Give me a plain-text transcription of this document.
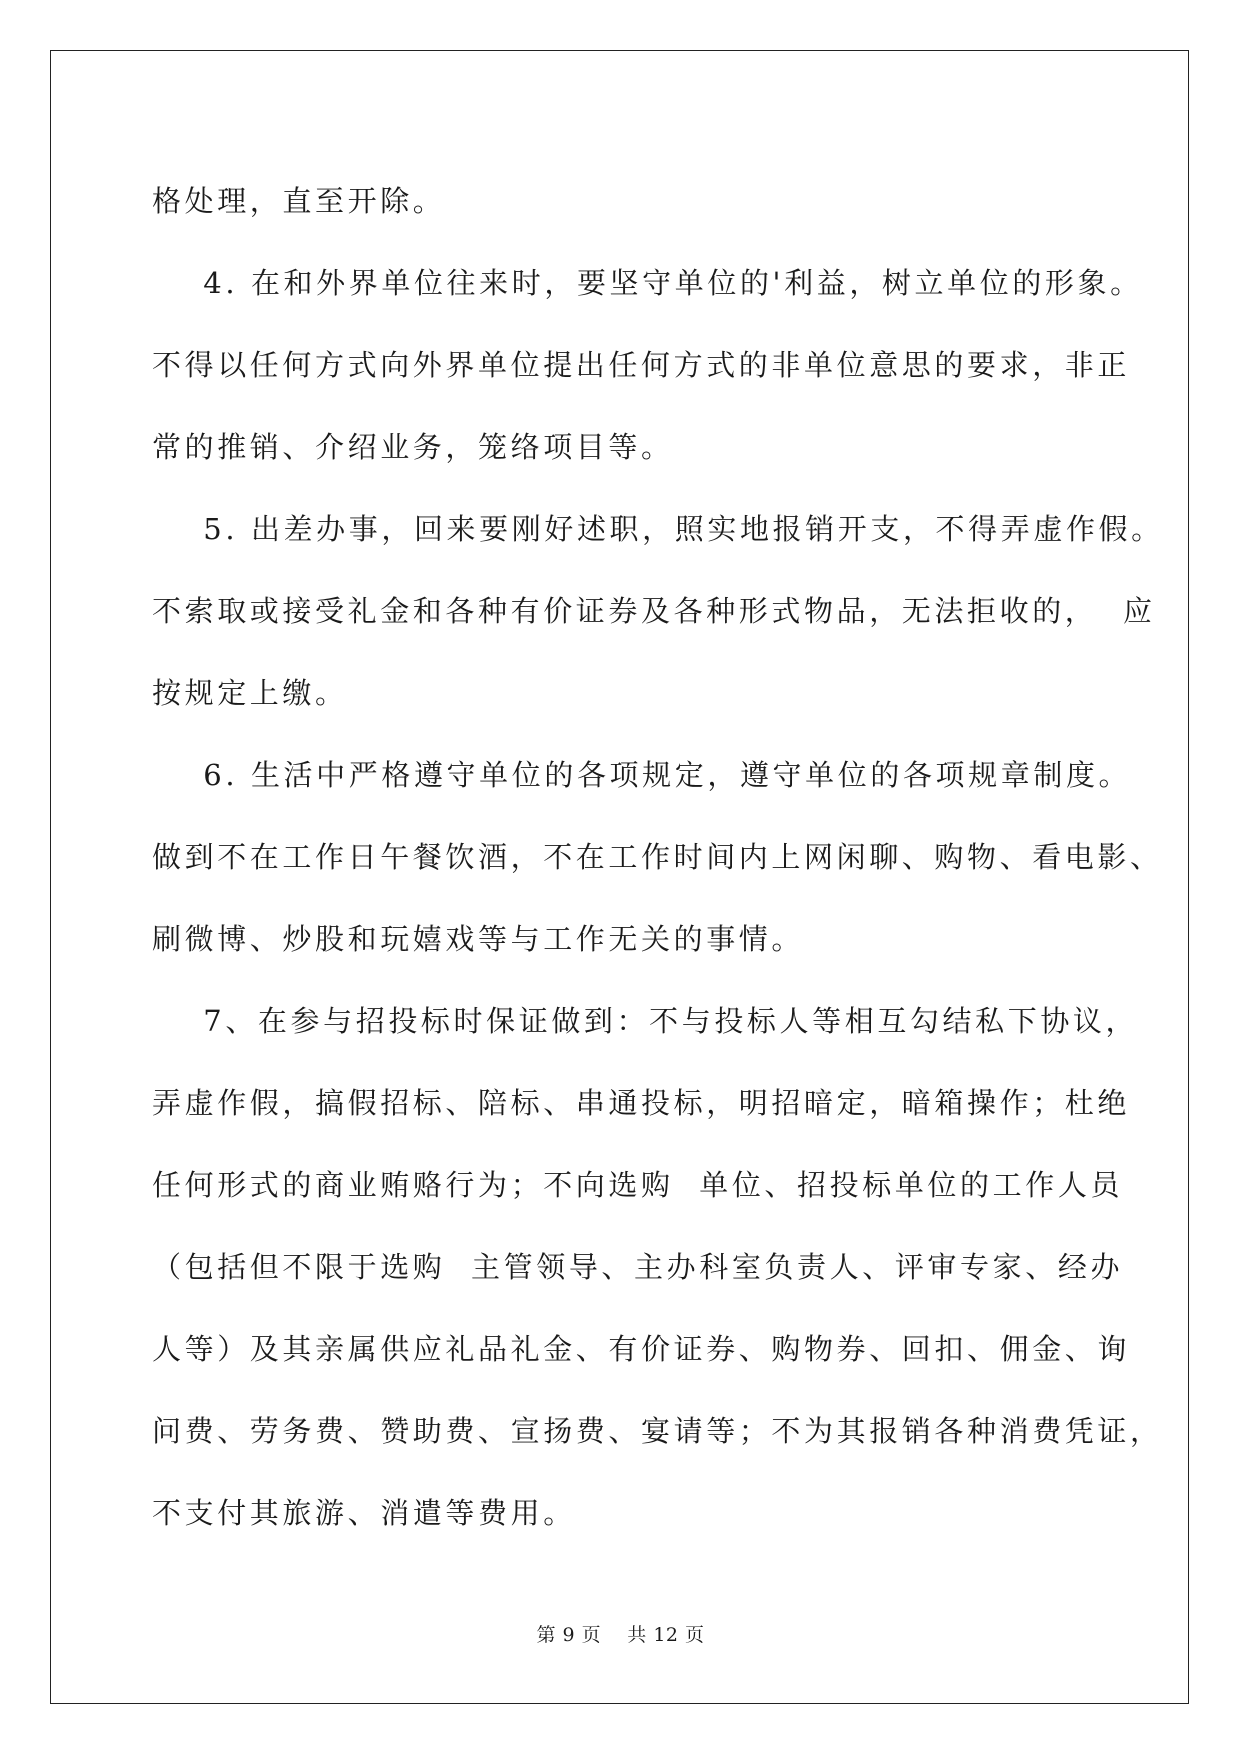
格处理，直至开除。
4. 在和外界单位往来时，要坚守单位的'利益，树立单位的形象。
不得以任何方式向外界单位提出任何方式的非单位意思的要求，非正
常的推销、介绍业务，笼络项目等。
5. 出差办事，回来要刚好述职，照实地报销开支，不得弄虚作假。
不索取或接受礼金和各种有价证券及各种形式物品，无法拒收的，  应
按规定上缴。
6. 生活中严格遵守单位的各项规定，遵守单位的各项规章制度。
做到不在工作日午餐饮酒，不在工作时间内上网闲聊、购物、看电影、
刷微博、炒股和玩嬉戏等与工作无关的事情。
7、在参与招投标时保证做到：不与投标人等相互勾结私下协议，
弄虚作假，搞假招标、陪标、串通投标，明招暗定，暗箱操作；杜绝
任何形式的商业贿赂行为；不向选购  单位、招投标单位的工作人员
（包括但不限于选购  主管领导、主办科室负责人、评审专家、经办
人等）及其亲属供应礼品礼金、有价证券、购物券、回扣、佣金、询
问费、劳务费、赞助费、宣扬费、宴请等；不为其报销各种消费凭证，
不支付其旅游、消遣等费用。
第 9 页    共 12 页
